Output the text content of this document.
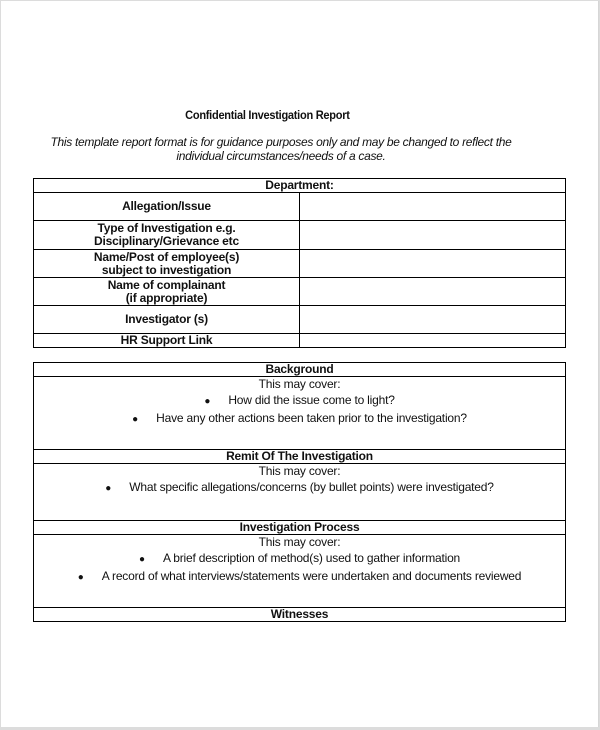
Confidential Investigation Report
This template report format is for guidance purposes only and may be changed to reflect the
individual circumstances/needs of a case.
Department:	

Allegation/Issue	

Type of Investigation e.g.
Disciplinary/Grievance etc	

Name/Post of employee(s)
subject to investigation	

Name of complainant
(if appropriate)	

Investigator (s)	

HR Support Link	

Background

This may cover:
● How did the issue come to light?
● Have any other actions been taken prior to the investigation?

Remit Of The Investigation

This may cover:
● What specific allegations/concerns (by bullet points) were investigated?

Investigation Process

This may cover:
● A brief description of method(s) used to gather information
● A record of what interviews/statements were undertaken and documents reviewed

Witnesses
